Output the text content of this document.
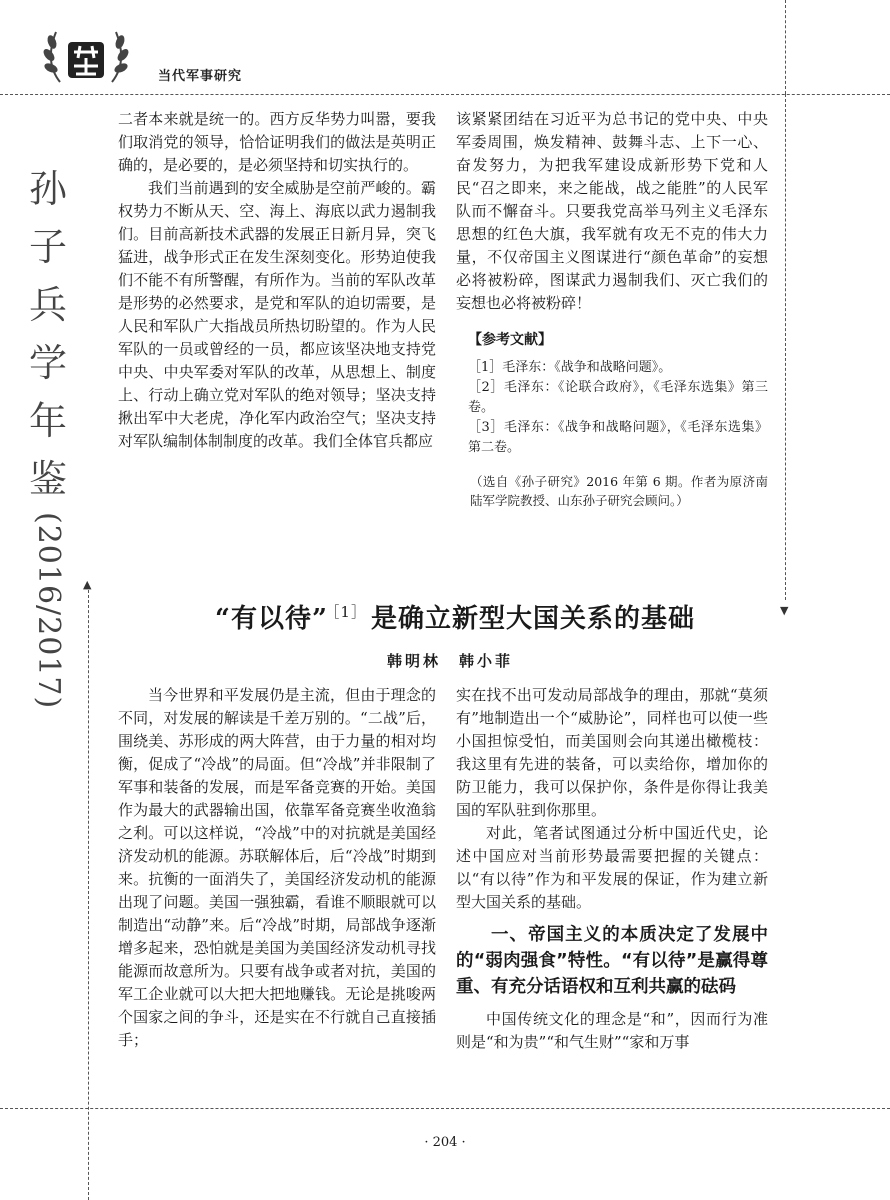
当代军事研究
▼
▲
孙
子
兵
学
年
鉴
(2016/2017)

二者本来就是统一的。西方反华势力叫嚣，要我们取消党的领导，恰恰证明我们的做法是英明正确的，是必要的，是必须坚持和切实执行的。

我们当前遇到的安全威胁是空前严峻的。霸权势力不断从天、空、海上、海底以武力遏制我们。目前高新技术武器的发展正日新月异，突飞猛进，战争形式正在发生深刻变化。形势迫使我们不能不有所警醒，有所作为。当前的军队改革是形势的必然要求，是党和军队的迫切需要，是人民和军队广大指战员所热切盼望的。作为人民军队的一员或曾经的一员，都应该坚决地支持党中央、中央军委对军队的改革，从思想上、制度上、行动上确立党对军队的绝对领导；坚决支持揪出军中大老虎，净化军内政治空气；坚决支持对军队编制体制制度的改革。我们全体官兵都应

该紧紧团结在习近平为总书记的党中央、中央军委周围，焕发精神、鼓舞斗志、上下一心、奋发努力，为把我军建设成新形势下党和人民“召之即来，来之能战，战之能胜”的人民军队而不懈奋斗。只要我党高举马列主义毛泽东思想的红色大旗，我军就有攻无不克的伟大力量，不仅帝国主义图谋进行“颜色革命”的妄想必将被粉碎，图谋武力遏制我们、灭亡我们的妄想也必将被粉碎！

【参考文献】
［1］毛泽东：《战争和战略问题》。
［2］毛泽东：《论联合政府》，《毛泽东选集》第三卷。
［3］毛泽东：《战争和战略问题》，《毛泽东选集》第二卷。
（选自《孙子研究》2016 年第 6 期。作者为原济南陆军学院教授、山东孙子研究会顾问。）
“有以待” $^{[1]}$ 是确立新型大国关系的基础
韩明林　韩小菲

当今世界和平发展仍是主流，但由于理念的不同，对发展的解读是千差万别的。“二战”后，围绕美、苏形成的两大阵营，由于力量的相对均衡，促成了“冷战”的局面。但“冷战”并非限制了军事和装备的发展，而是军备竞赛的开始。美国作为最大的武器输出国，依靠军备竞赛坐收渔翁之利。可以这样说，“冷战”中的对抗就是美国经济发动机的能源。苏联解体后，后“冷战”时期到来。抗衡的一面消失了，美国经济发动机的能源出现了问题。美国一强独霸，看谁不顺眼就可以制造出“动静”来。后“冷战”时期，局部战争逐渐增多起来，恐怕就是美国为美国经济发动机寻找能源而故意所为。只要有战争或者对抗，美国的军工企业就可以大把大把地赚钱。无论是挑唆两个国家之间的争斗，还是实在不行就自己直接插手；

实在找不出可发动局部战争的理由，那就“莫须有”地制造出一个“威胁论”，同样也可以使一些小国担惊受怕，而美国则会向其递出橄榄枝：我这里有先进的装备，可以卖给你，增加你的防卫能力，我可以保护你，条件是你得让我美国的军队驻到你那里。

对此，笔者试图通过分析中国近代史，论述中国应对当前形势最需要把握的关键点：以“有以待”作为和平发展的保证，作为建立新型大国关系的基础。

一、帝国主义的本质决定了发展中的“弱肉强食”特性。“有以待”是赢得尊重、有充分话语权和互利共赢的砝码

中国传统文化的理念是“和”，因而行为准则是“和为贵”“和气生财”“家和万事

· 204 ·
